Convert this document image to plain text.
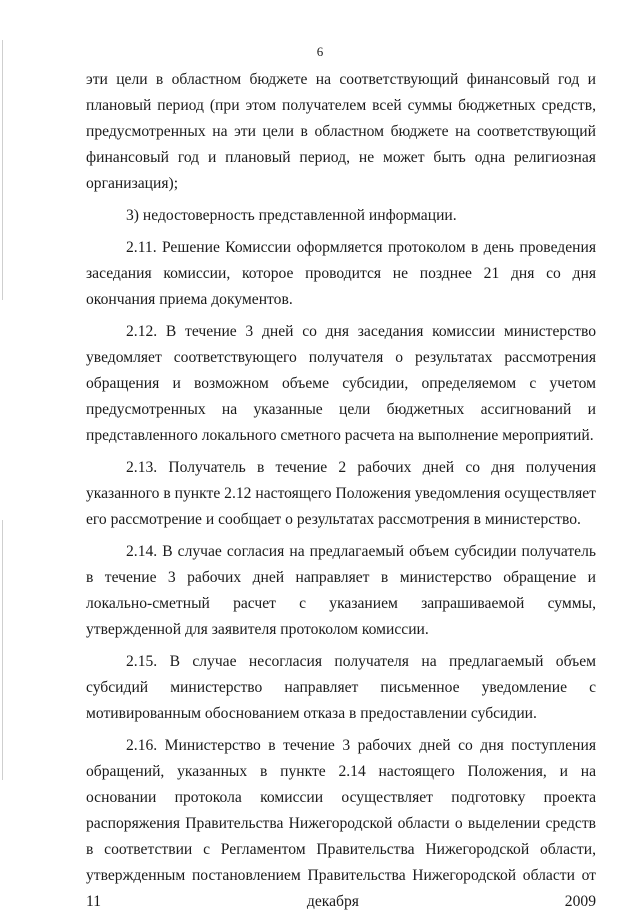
6

эти цели в областном бюджете на соответствующий финансовый год и плановый период (при этом получателем всей суммы бюджетных средств, предусмотренных на эти цели в областном бюджете на соответствующий финансовый год и плановый период, не может быть одна религиозная организация);

3) недостоверность представленной информации.

2.11. Решение Комиссии оформляется протоколом в день проведения заседания комиссии, которое проводится не позднее 21 дня со дня окончания приема документов.

2.12. В течение 3 дней со дня заседания комиссии министерство уведомляет соответствующего получателя о результатах рассмотрения обращения и возможном объеме субсидии, определяемом с учетом предусмотренных на указанные цели бюджетных ассигнований и представленного локального сметного расчета на выполнение мероприятий.

2.13. Получатель в течение 2 рабочих дней со дня получения указанного в пункте 2.12 настоящего Положения уведомления осуществляет его рассмотрение и сообщает о результатах рассмотрения в министерство.

2.14. В случае согласия на предлагаемый объем субсидии получатель в течение 3 рабочих дней направляет в министерство обращение и локально-сметный расчет с указанием запрашиваемой суммы, утвержденной для заявителя протоколом комиссии.

2.15. В случае несогласия получателя на предлагаемый объем субсидий министерство направляет письменное уведомление с мотивированным обоснованием отказа в предоставлении субсидии.

2.16. Министерство в течение 3 рабочих дней со дня поступления обращений, указанных в пункте 2.14 настоящего Положения, и на основании протокола комиссии осуществляет подготовку проекта распоряжения Правительства Нижегородской области о выделении средств в соответствии с Регламентом Правительства Нижегородской области, утвержденным постановлением Правительства Нижегородской области от 11 декабря 2009
